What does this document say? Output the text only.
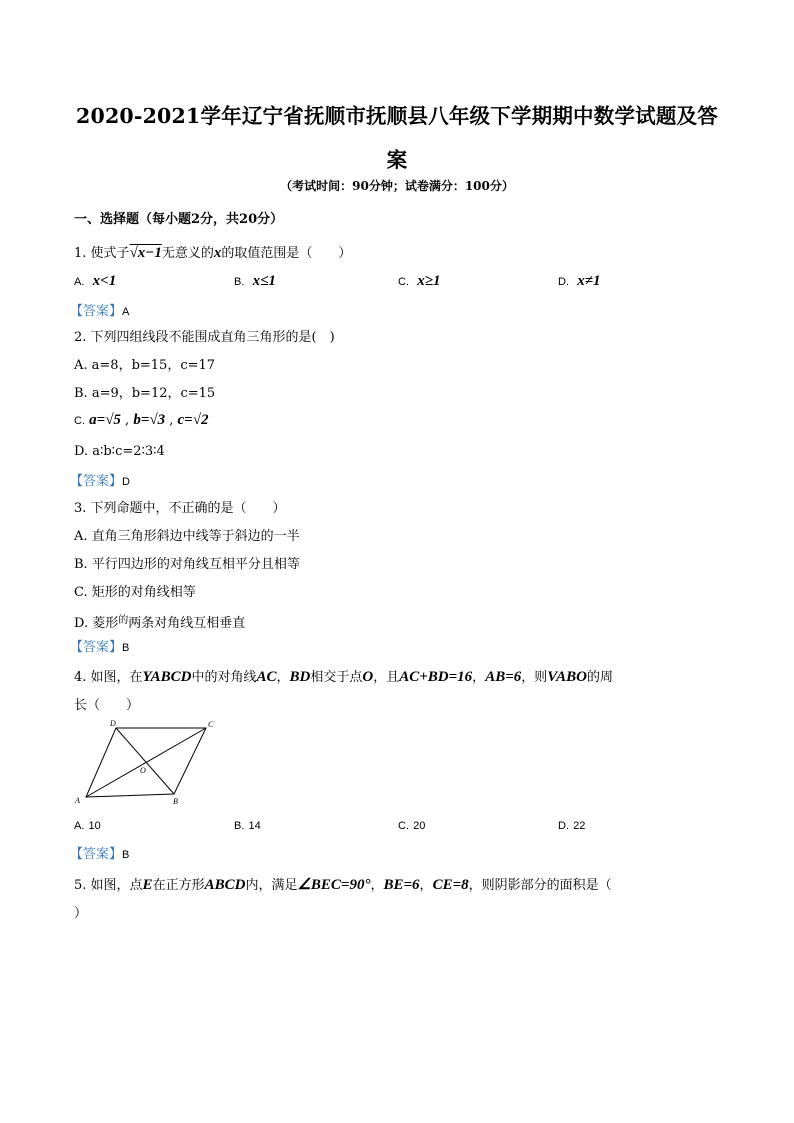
2020-2021学年辽宁省抚顺市抚顺县八年级下学期期中数学试题及答
案
（考试时间：90分钟；试卷满分：100分）
一、选择题（每小题2分，共20分）
1. 使式子√x−1无意义的x的取值范围是（　　）
A. x<1	B. x≤1	C. x≥1	D. x≠1
【答案】A
2. 下列四组线段不能围成直角三角形的是(　)
A. a=8，b=15，c=17
B. a=9，b=12，c=15
C. a=√5 , b=√3 , c=√2
D. a∶b∶c=2∶3∶4
【答案】D
3. 下列命题中，不正确的是（　　）
A. 直角三角形斜边中线等于斜边的一半
B. 平行四边形的对角线互相平分且相等
C. 矩形的对角线相等
D. 菱形$^的$两条对角线互相垂直
【答案】B
4. 如图，在YABCD中的对角线AC，BD相交于点O，且AC+BD=16，AB=6，则VABO的周
长（　　）
A	B
C
D
O
A. 10	B. 14	C. 20	D. 22
【答案】B
5. 如图，点E在正方形ABCD内，满足∠BEC=90°，BE=6，CE=8，则阴影部分的面积是（
）
